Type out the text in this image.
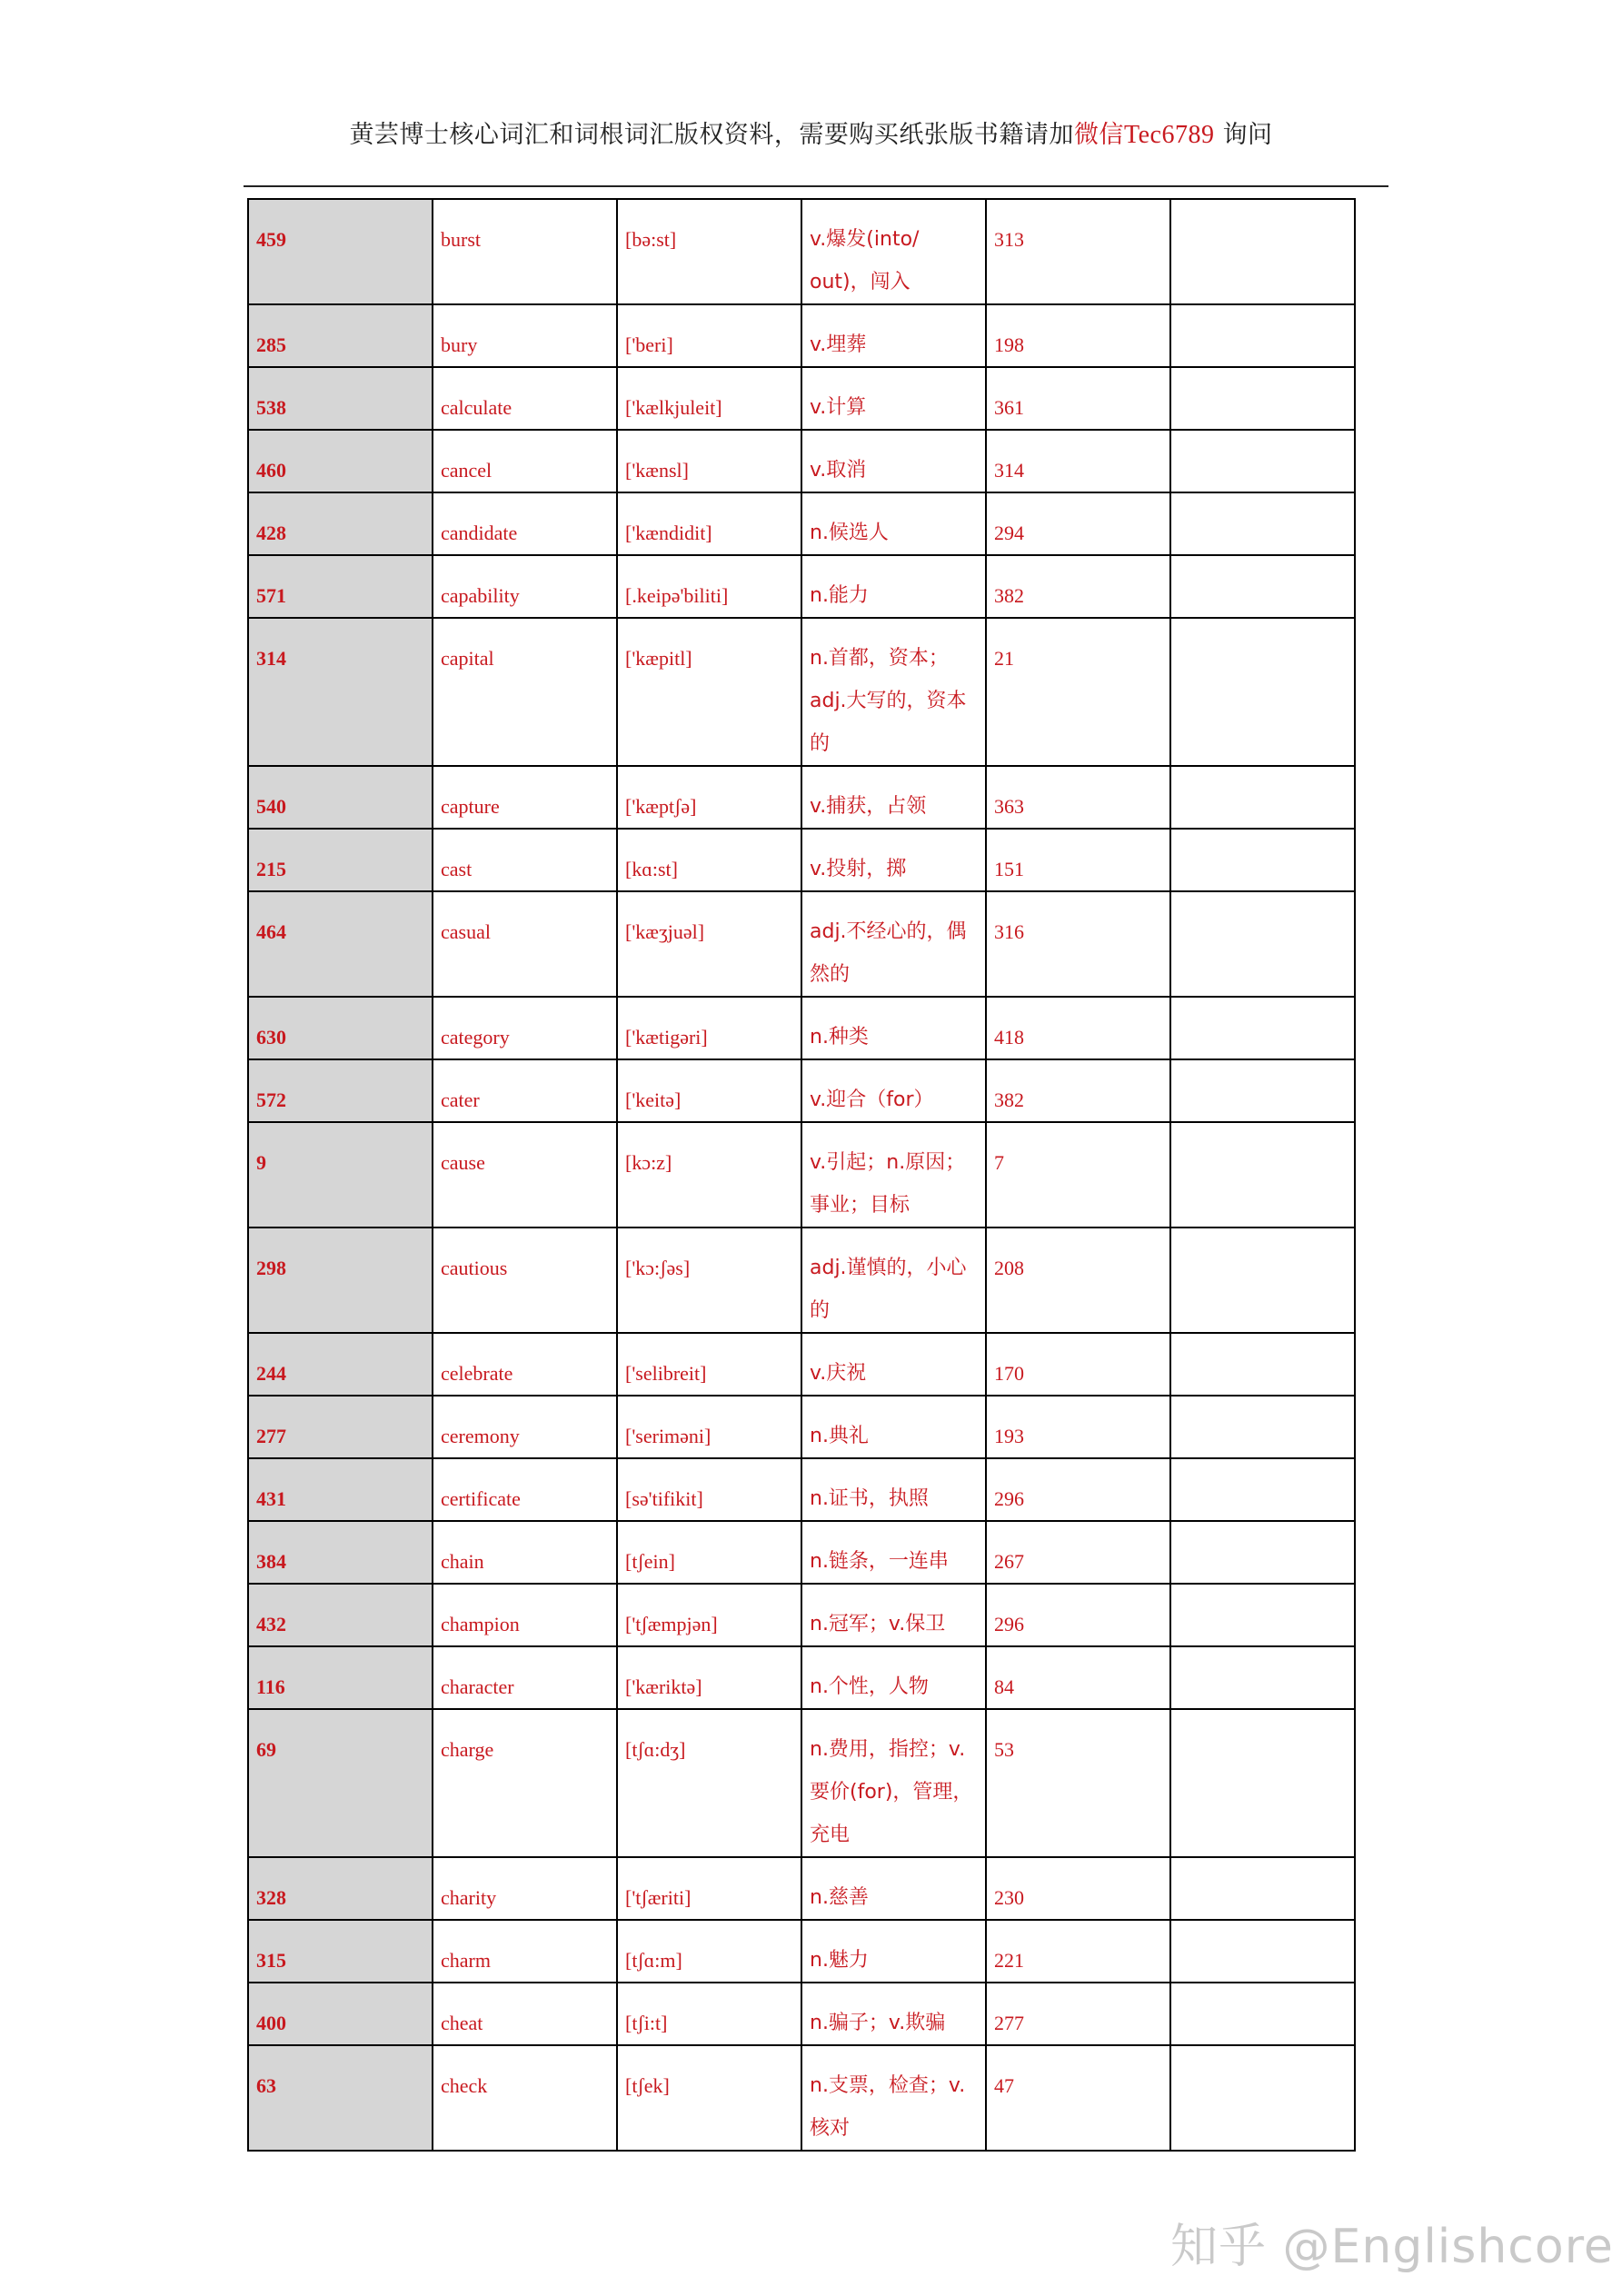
黄芸博士核心词汇和词根词汇版权资料，需要购买纸张版书籍请加微信Tec6789 询问
459	burst	[bə:st]	v.爆发(into/ out)，闯入	313	
285	bury	['beri]	v.埋葬	198	
538	calculate	['kælkjuleit]	v.计算	361	
460	cancel	['kænsl]	v.取消	314	
428	candidate	['kændidit]	n.候选人	294	
571	capability	[.keipə'biliti]	n.能力	382	
314	capital	['kæpitl]	n.首都，资本；adj.大写的，资本的	21	
540	capture	['kæptʃə]	v.捕获，占领	363	
215	cast	[kɑ:st]	v.投射，掷	151	
464	casual	['kæʒjuəl]	adj.不经心的，偶然的	316	
630	category	['kætigəri]	n.种类	418	
572	cater	['keitə]	v.迎合（for）	382	
9	cause	[kɔ:z]	v.引起；n.原因；事业；目标	7	
298	cautious	['kɔ:ʃəs]	adj.谨慎的，小心的	208	
244	celebrate	['selibreit]	v.庆祝	170	
277	ceremony	['seriməni]	n.典礼	193	
431	certificate	[sə'tifikit]	n.证书，执照	296	
384	chain	[tʃein]	n.链条，一连串	267	
432	champion	['tʃæmpjən]	n.冠军；v.保卫	296	
116	character	['kæriktə]	n.个性，人物	84	
69	charge	[tʃɑ:dʒ]	n.费用，指控；v.要价(for)，管理，充电	53	
328	charity	['tʃæriti]	n.慈善	230	
315	charm	[tʃɑ:m]	n.魅力	221	
400	cheat	[tʃi:t]	n.骗子；v.欺骗	277	
63	check	[tʃek]	n.支票，检查；v.核对	47	
知乎 @Englishcore
